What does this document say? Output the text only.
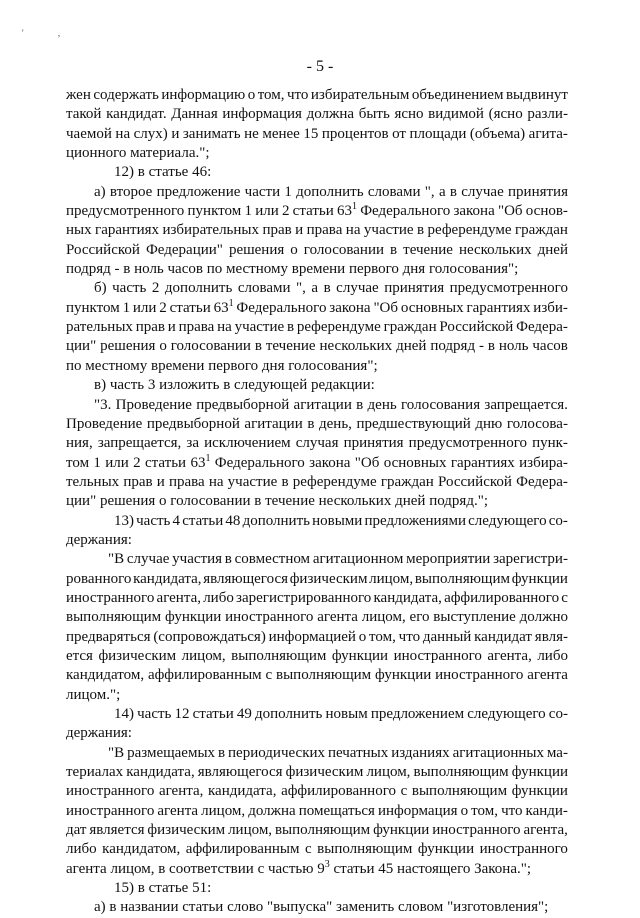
' ,
- 5 -
жен содержать информацию о том, что избирательным объединением выдвинут
такой кандидат. Данная информация должна быть ясно видимой (ясно разли-
чаемой на слух) и занимать не менее 15 процентов от площади (объема) агита-
ционного материала.";
12) в статье 46:
а) второе предложение части 1 дополнить словами ", а в случае принятия
предусмотренного пунктом 1 или 2 статьи $63^1$ Федерального закона "Об основ-
ных гарантиях избирательных прав и права на участие в референдуме граждан
Российской Федерации" решения о голосовании в течение нескольких дней
подряд - в ноль часов по местному времени первого дня голосования";
б) часть 2 дополнить словами ", а в случае принятия предусмотренного
пунктом 1 или 2 статьи $63^1$ Федерального закона "Об основных гарантиях изби-
рательных прав и права на участие в референдуме граждан Российской Федера-
ции" решения о голосовании в течение нескольких дней подряд - в ноль часов
по местному времени первого дня голосования";
в) часть 3 изложить в следующей редакции:
"3. Проведение предвыборной агитации в день голосования запрещается.
Проведение предвыборной агитации в день, предшествующий дню голосова-
ния, запрещается, за исключением случая принятия предусмотренного пунк-
том 1 или 2 статьи $63^1$ Федерального закона "Об основных гарантиях избира-
тельных прав и права на участие в референдуме граждан Российской Федера-
ции" решения о голосовании в течение нескольких дней подряд.";
13) часть 4 статьи 48 дополнить новыми предложениями следующего со-
держания:
"В случае участия в совместном агитационном мероприятии зарегистри-
рованного кандидата, являющегося физическим лицом, выполняющим функции
иностранного агента, либо зарегистрированного кандидата, аффилированного с
выполняющим функции иностранного агента лицом, его выступление должно
предваряться (сопровождаться) информацией о том, что данный кандидат явля-
ется физическим лицом, выполняющим функции иностранного агента, либо
кандидатом, аффилированным с выполняющим функции иностранного агента
лицом.";
14) часть 12 статьи 49 дополнить новым предложением следующего со-
держания:
"В размещаемых в периодических печатных изданиях агитационных ма-
териалах кандидата, являющегося физическим лицом, выполняющим функции
иностранного агента, кандидата, аффилированного с выполняющим функции
иностранного агента лицом, должна помещаться информация о том, что канди-
дат является физическим лицом, выполняющим функции иностранного агента,
либо кандидатом, аффилированным с выполняющим функции иностранного
агента лицом, в соответствии с частью $9^3$ статьи 45 настоящего Закона.";
15) в статье 51:
а) в названии статьи слово "выпуска" заменить словом "изготовления";
